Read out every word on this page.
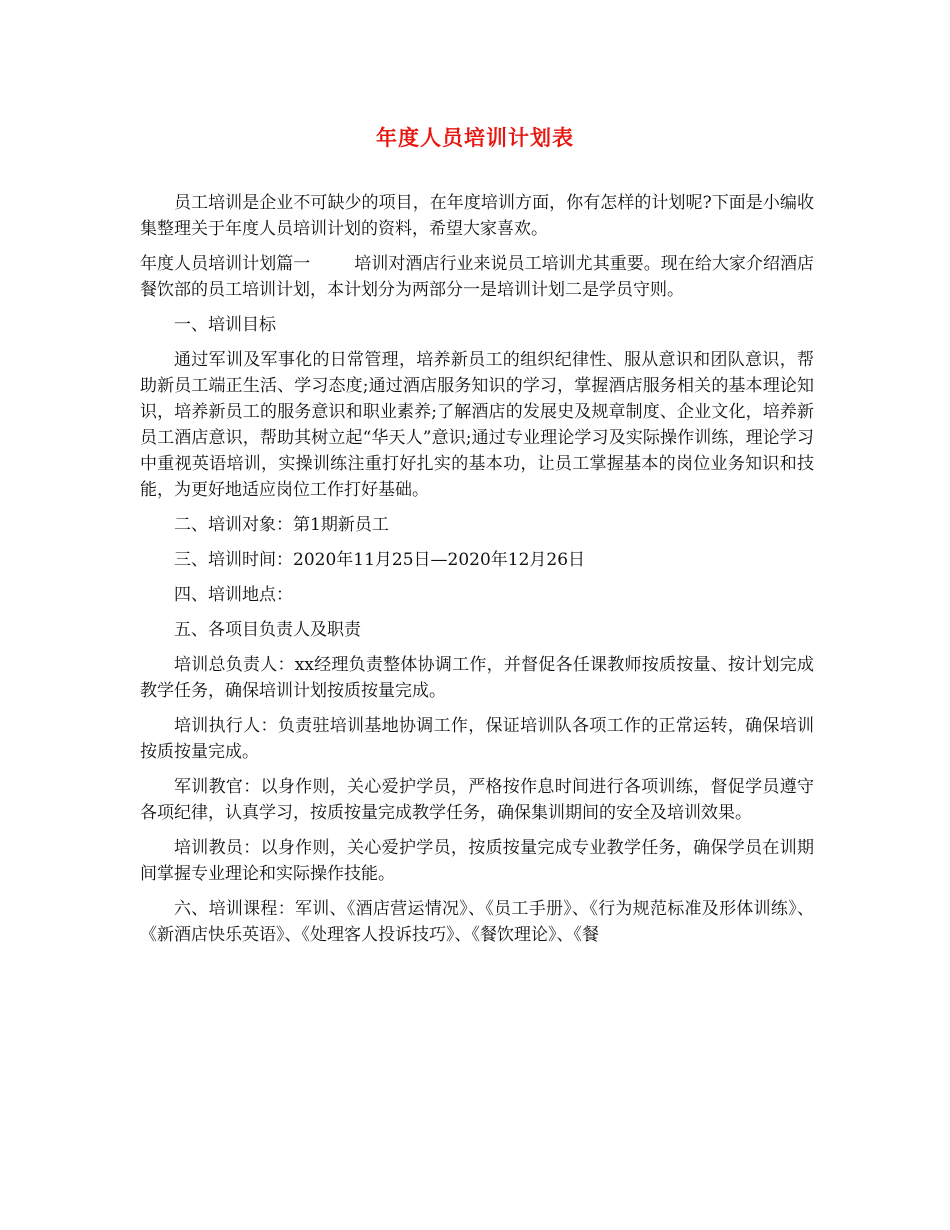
年度人员培训计划表

员工培训是企业不可缺少的项目，在年度培训方面，你有怎样的计划呢?下面是小编收集整理关于年度人员培训计划的资料，希望大家喜欢。

年度人员培训计划篇一	培训对酒店行业来说员工培训尤其重要。现在给大家介绍酒店餐饮部的员工培训计划，本计划分为两部分一是培训计划二是学员守则。

一、培训目标

通过军训及军事化的日常管理，培养新员工的组织纪律性、服从意识和团队意识，帮助新员工端正生活、学习态度;通过酒店服务知识的学习，掌握酒店服务相关的基本理论知识，培养新员工的服务意识和职业素养;了解酒店的发展史及规章制度、企业文化，培养新员工酒店意识，帮助其树立起“华天人”意识;通过专业理论学习及实际操作训练，理论学习中重视英语培训，实操训练注重打好扎实的基本功，让员工掌握基本的岗位业务知识和技能，为更好地适应岗位工作打好基础。

二、培训对象：第1期新员工

三、培训时间：2020年11月25日—2020年12月26日

四、培训地点：

五、各项目负责人及职责

培训总负责人：xx经理负责整体协调工作，并督促各任课教师按质按量、按计划完成教学任务，确保培训计划按质按量完成。

培训执行人：负责驻培训基地协调工作，保证培训队各项工作的正常运转，确保培训按质按量完成。

军训教官：以身作则，关心爱护学员，严格按作息时间进行各项训练，督促学员遵守各项纪律，认真学习，按质按量完成教学任务，确保集训期间的安全及培训效果。

培训教员：以身作则，关心爱护学员，按质按量完成专业教学任务，确保学员在训期间掌握专业理论和实际操作技能。

六、培训课程：军训、《酒店营运情况》、《员工手册》、《行为规范标准及形体训练》、《新酒店快乐英语》、《处理客人投诉技巧》、《餐饮理论》、《餐
